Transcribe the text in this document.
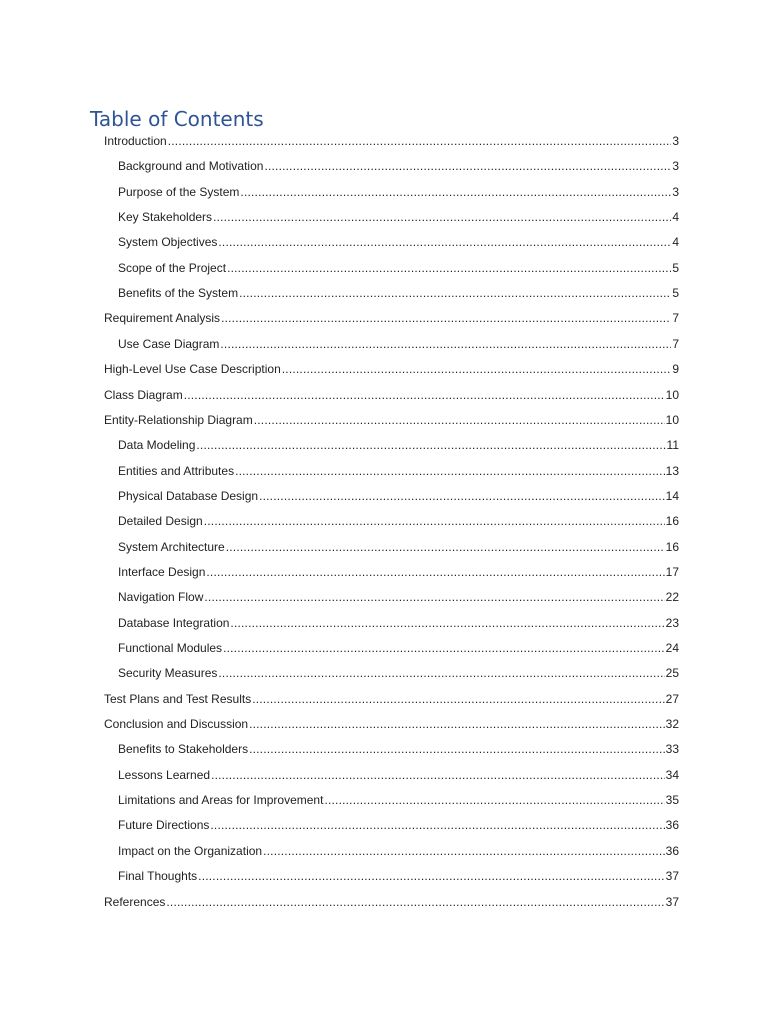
Table of Contents
Introduction .....	3
Background and Motivation .....	3
Purpose of the System .....	3
Key Stakeholders .....	4
System Objectives .....	4
Scope of the Project .....	5
Benefits of the System .....	5
Requirement Analysis .....	7
Use Case Diagram .....	7
High-Level Use Case Description .....	9
Class Diagram .....	10
Entity-Relationship Diagram .....	10
Data Modeling .....	11
Entities and Attributes .....	13
Physical Database Design .....	14
Detailed Design .....	16
System Architecture .....	16
Interface Design .....	17
Navigation Flow .....	22
Database Integration .....	23
Functional Modules .....	24
Security Measures .....	25
Test Plans and Test Results .....	27
Conclusion and Discussion .....	32
Benefits to Stakeholders .....	33
Lessons Learned .....	34
Limitations and Areas for Improvement .....	35
Future Directions .....	36
Impact on the Organization .....	36
Final Thoughts .....	37
References .....	37
